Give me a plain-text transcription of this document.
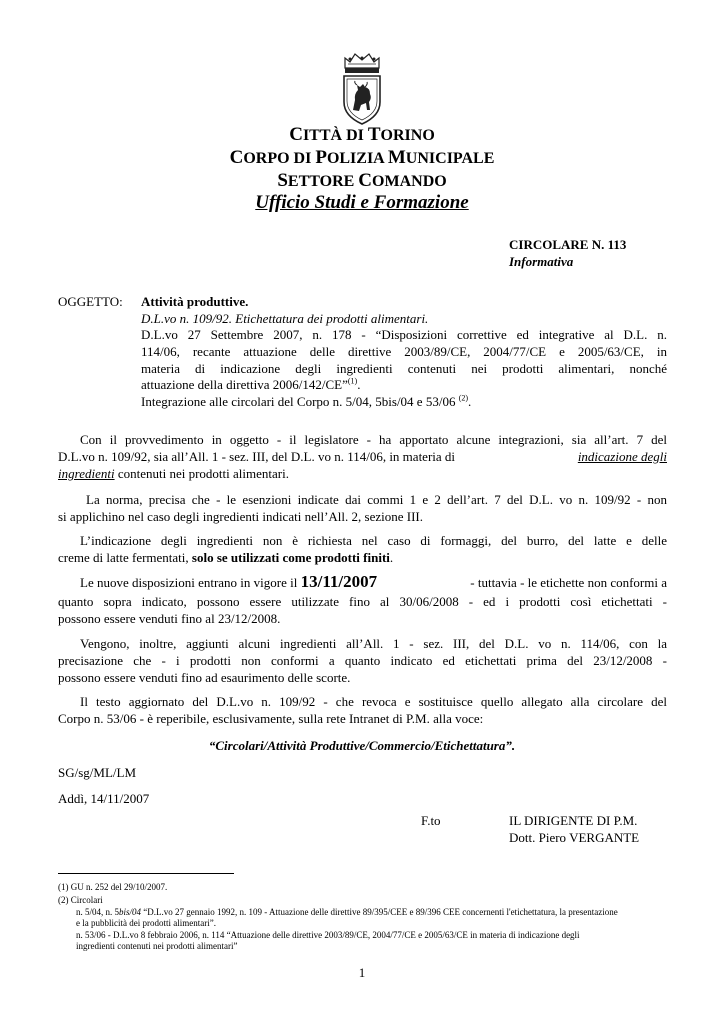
CITTÀ DI TORINO
CORPO DI POLIZIA MUNICIPALE
SETTORE COMANDO
Ufficio Studi e Formazione
CIRCOLARE N. 113
Informativa
OGGETTO: Attività produttive.
D.L.vo n. 109/92. Etichettatura dei prodotti alimentari.
D.L.vo 27 Settembre 2007, n. 178 - “Disposizioni correttive ed integrative al D.L. n.
114/06, recante attuazione delle direttive 2003/89/CE, 2004/77/CE e 2005/63/CE, in
materia di indicazione degli ingredienti contenuti nei prodotti alimentari, nonché
attuazione della direttiva 2006/142/CE”$^{(1)}$.
Integrazione alle circolari del Corpo n. 5/04, 5bis/04 e 53/06 $^{(2)}$.
Con il provvedimento in oggetto - il legislatore - ha apportato alcune integrazioni, sia all’art. 7 del
D.L.vo n. 109/92, sia all’All. 1 - sez. III, del D.L. vo n. 114/06, in materia di	indicazione degli
ingredienti contenuti nei prodotti alimentari.
La norma, precisa che - le esenzioni indicate dai commi 1 e 2 dell’art. 7 del D.L. vo n. 109/92 - non
si applichino nel caso degli ingredienti indicati nell’All. 2, sezione III.
L’indicazione degli ingredienti non è richiesta nel caso di formaggi, del burro, del latte e delle
creme di latte fermentati, solo se utilizzati come prodotti finiti.
Le nuove disposizioni entrano in vigore il 13/11/2007	- tuttavia - le etichette non conformi a
quanto sopra indicato, possono essere utilizzate fino al 30/06/2008 - ed i prodotti così etichettati -
possono essere venduti fino al 23/12/2008.
Vengono, inoltre, aggiunti alcuni ingredienti all’All. 1 - sez. III, del D.L. vo n. 114/06, con la
precisazione che - i prodotti non conformi a quanto indicato ed etichettati prima del 23/12/2008 -
possono essere venduti fino ad esaurimento delle scorte.
Il testo aggiornato del D.L.vo n. 109/92 - che revoca e sostituisce quello allegato alla circolare del
Corpo n. 53/06 - è reperibile, esclusivamente, sulla rete Intranet di P.M. alla voce:
“Circolari/Attività Produttive/Commercio/Etichettatura”.
SG/sg/ML/LM
Addì, 14/11/2007
F.to	IL DIRIGENTE DI P.M.
Dott. Piero VERGANTE
(1) GU n. 252 del 29/10/2007.
(2) Circolari
n. 5/04, n. 5bis/04 “D.L.vo 27 gennaio 1992, n. 109 - Attuazione delle direttive 89/395/CEE e 89/396 CEE concernenti l'etichettatura, la presentazione
e la pubblicità dei prodotti alimentari”.
n. 53/06 - D.L.vo 8 febbraio 2006, n. 114 “Attuazione delle direttive 2003/89/CE, 2004/77/CE e 2005/63/CE in materia di indicazione degli
ingredienti contenuti nei prodotti alimentari”
1
